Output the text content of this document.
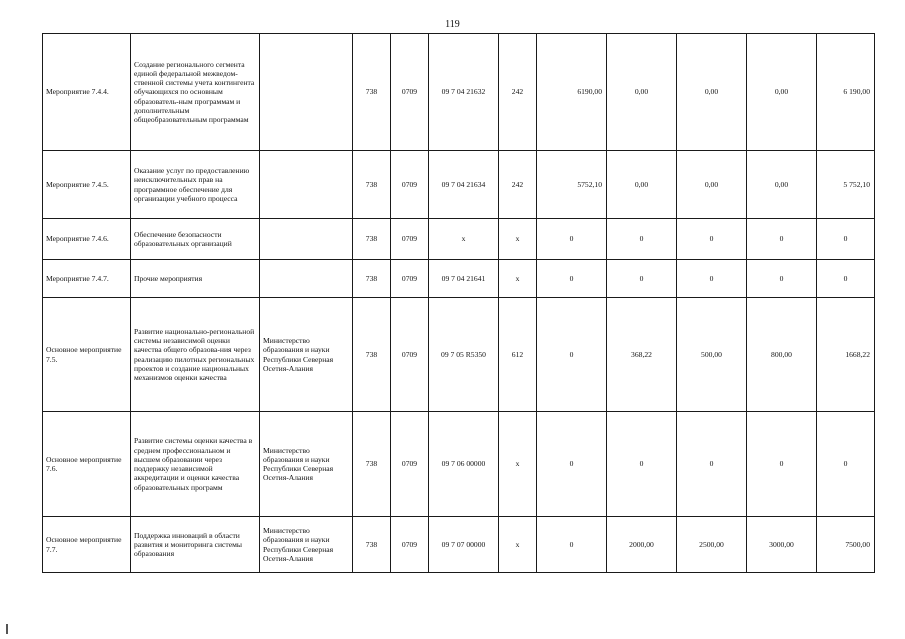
119
Мероприятие 7.4.4.	Создание регионального сегмента единой федеральной межведом-ственной системы учета контингента обучающихся по основным образователь-ным программам и дополнительным общеобразовательным программам		738	0709	09 7 04 21632	242	6190,00	0,00	0,00	0,00	6 190,00
Мероприятие 7.4.5.	Оказание услуг по предоставлению неисключительных прав на программное обеспечение для организации учебного процесса		738	0709	09 7 04 21634	242	5752,10	0,00	0,00	0,00	5 752,10
Мероприятие 7.4.6.	Обеспечение безопасности образовательных организаций		738	0709	х	х	0	0	0	0	0
Мероприятие 7.4.7.	Прочие мероприятия		738	0709	09 7 04 21641	х	0	0	0	0	0
Основное мероприятие 7.5.	Развитие национально-региональной системы независимой оценки качества общего образова-ния через реализацию пилотных региональных проектов и создание национальных механизмов оценки качества	Министерство образования и науки Республики Северная Осетия-Алания	738	0709	09 7 05 R5350	612	0	368,22	500,00	800,00	1668,22
Основное мероприятие 7.6.	Развитие системы оценки качества в среднем профессиональном и высшем образовании через поддержку независимой аккредитации и оценки качества образовательных программ	Министерство образования и науки Республики Северная Осетия-Алания	738	0709	09 7 06 00000	х	0	0	0	0	0
Основное мероприятие 7.7.	Поддержка инноваций в области развития и мониторинга системы образования	Министерство образования и науки Республики Северная Осетия-Алания	738	0709	09 7 07 00000	х	0	2000,00	2500,00	3000,00	7500,00
